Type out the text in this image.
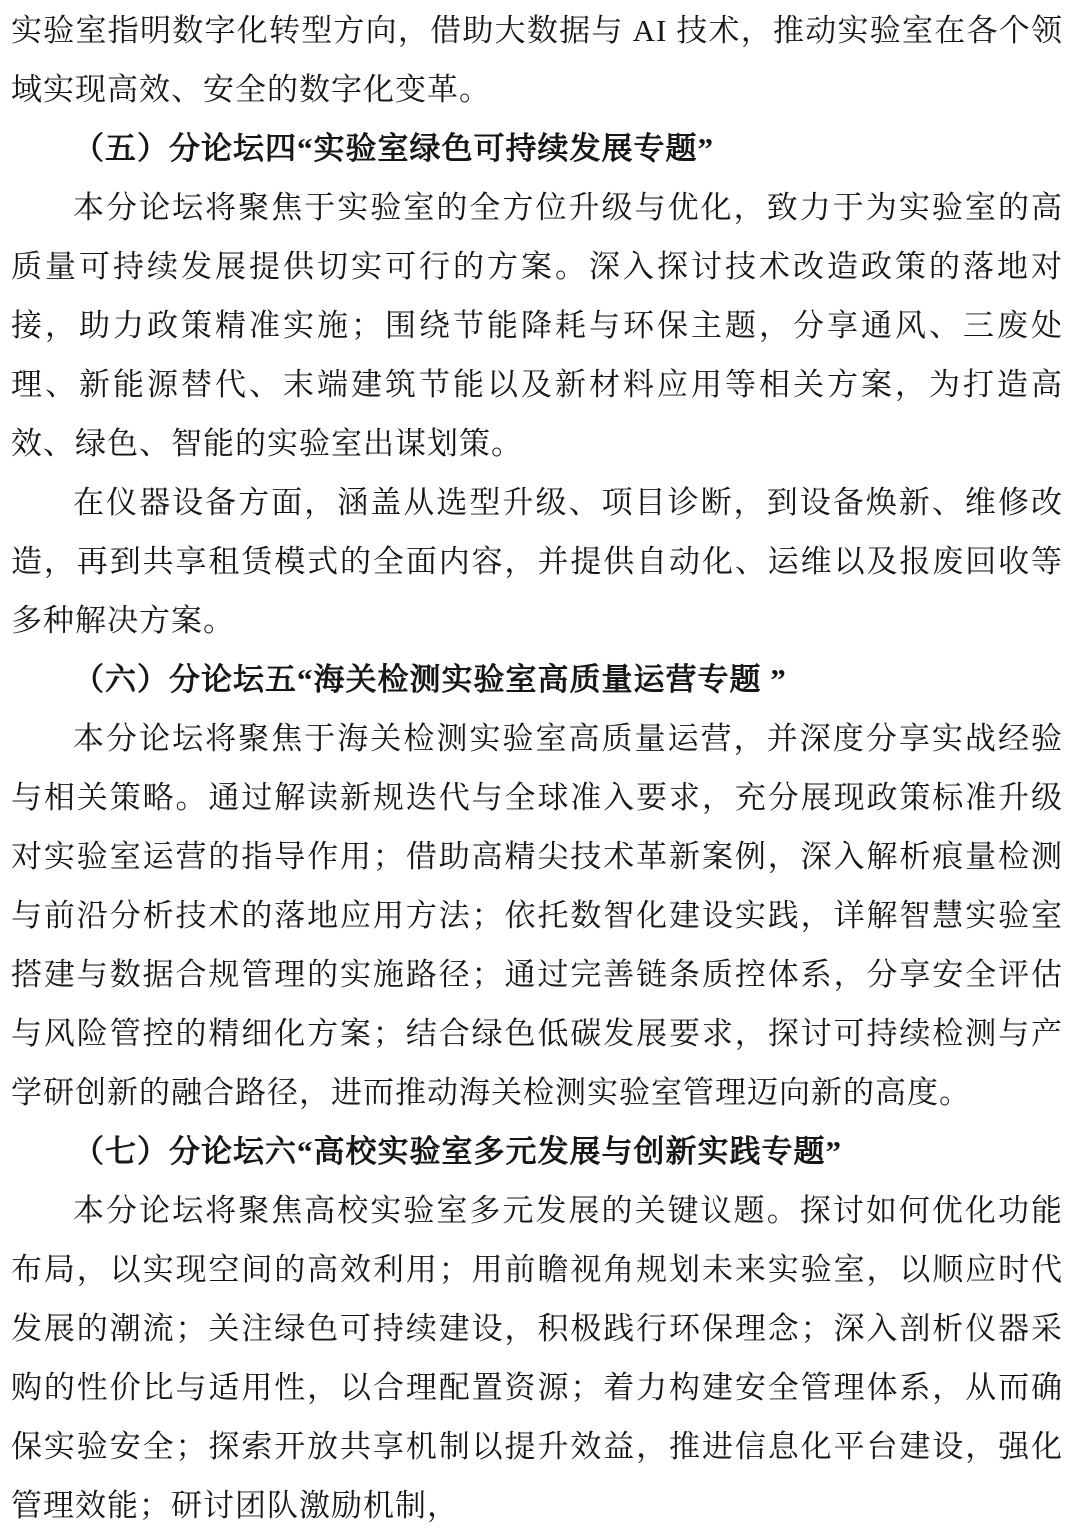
实验室指明数字化转型方向，借助大数据与 AI 技术，推动实验室在各个领域实现高效、安全的数字化变革。

（五）分论坛四“实验室绿色可持续发展专题”

本分论坛将聚焦于实验室的全方位升级与优化，致力于为实验室的高质量可持续发展提供切实可行的方案。深入探讨技术改造政策的落地对接，助力政策精准实施；围绕节能降耗与环保主题，分享通风、三废处理、新能源替代、末端建筑节能以及新材料应用等相关方案，为打造高效、绿色、智能的实验室出谋划策。

在仪器设备方面，涵盖从选型升级、项目诊断，到设备焕新、维修改造，再到共享租赁模式的全面内容，并提供自动化、运维以及报废回收等多种解决方案。

（六）分论坛五“海关检测实验室高质量运营专题 ”

本分论坛将聚焦于海关检测实验室高质量运营，并深度分享实战经验与相关策略。通过解读新规迭代与全球准入要求，充分展现政策标准升级对实验室运营的指导作用；借助高精尖技术革新案例，深入解析痕量检测与前沿分析技术的落地应用方法；依托数智化建设实践，详解智慧实验室搭建与数据合规管理的实施路径；通过完善链条质控体系，分享安全评估与风险管控的精细化方案；结合绿色低碳发展要求，探讨可持续检测与产学研创新的融合路径，进而推动海关检测实验室管理迈向新的高度。

（七）分论坛六“高校实验室多元发展与创新实践专题”

本分论坛将聚焦高校实验室多元发展的关键议题。探讨如何优化功能布局，以实现空间的高效利用；用前瞻视角规划未来实验室，以顺应时代发展的潮流；关注绿色可持续建设，积极践行环保理念；深入剖析仪器采购的性价比与适用性，以合理配置资源；着力构建安全管理体系，从而确保实验安全；探索开放共享机制以提升效益，推进信息化平台建设，强化管理效能；研讨团队激励机制，
